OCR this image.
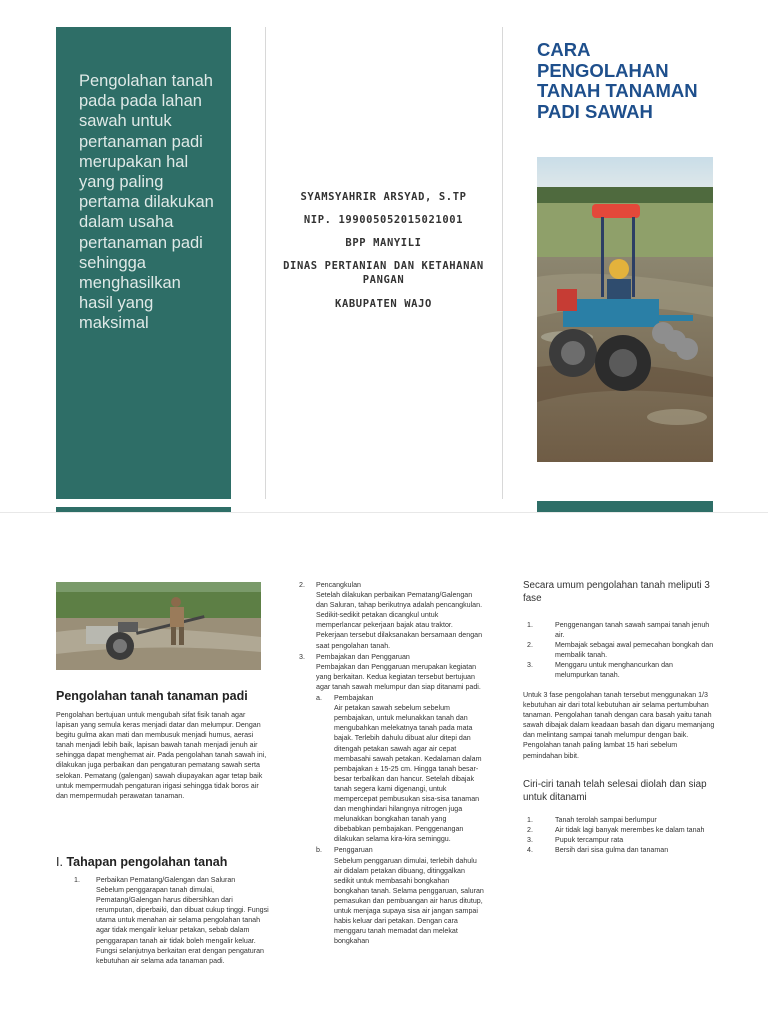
Pengolahan tanah pada pada lahan sawah untuk pertanaman padi merupakan hal yang paling pertama dilakukan dalam usaha pertanaman padi sehingga menghasilkan hasil yang maksimal

SYAMSYAHRIR ARSYAD, S.TP
NIP. 199005052015021001
BPP MANYILI
DINAS PERTANIAN DAN KETAHANAN PANGAN
KABUPATEN WAJO
CARA PENGOLAHAN TANAH TANAMAN PADI SAWAH
Pengolahan tanah tanaman padi
Pengolahan bertujuan untuk mengubah sifat fisik tanah agar lapisan yang semula keras menjadi datar dan melumpur. Dengan begitu gulma akan mati dan membusuk menjadi humus, aerasi tanah menjadi lebih baik, lapisan bawah tanah menjadi jenuh air sehingga dapat menghemat air. Pada pengolahan tanah sawah ini, dilakukan juga perbaikan dan pengaturan pematang sawah serta selokan. Pematang (galengan) sawah diupayakan agar tetap baik untuk mempermudah pengaturan irigasi sehingga tidak boros air dan mempermudah perawatan tanaman.
I. Tahapan pengolahan tanah
1. Perbaikan Pematang/Galengan dan Saluran
Sebelum penggarapan tanah dimulai, Pematang/Galengan harus dibersihkan dari rerumputan, diperbaiki, dan dibuat cukup tinggi. Fungsi utama untuk menahan air selama pengolahan tanah agar tidak mengalir keluar petakan, sebab dalam penggarapan tanah air tidak boleh mengalir keluar. Fungsi selanjutnya berkaitan erat dengan pengaturan kebutuhan air selama ada tanaman padi.
2. Pencangkulan
Setelah dilakukan perbaikan Pematang/Galengan dan Saluran, tahap berikutnya adalah pencangkulan. Sedikit-sedikit petakan dicangkul untuk memperlancar pekerjaan bajak atau traktor. Pekerjaan tersebut dilaksanakan bersamaan dengan saat pengolahan tanah.
3. Pembajakan dan Penggaruan
Pembajakan dan Penggaruan merupakan kegiatan yang berkaitan. Kedua kegiatan tersebut bertujuan agar tanah sawah melumpur dan siap ditanami padi.
a. Pembajakan
Air petakan sawah sebelum sebelum pembajakan, untuk melunakkan tanah dan mengubahkan melekatnya tanah pada mata bajak. Terlebih dahulu dibuat alur ditepi dan ditengah petakan sawah agar air cepat membasahi sawah petakan. Kedalaman dalam pembajakan ± 15-25 cm. Hingga tanah besar-besar terbalikan dan hancur. Setelah dibajak tanah segera kami digenangi, untuk mempercepat pembusukan sisa-sisa tanaman dan menghindari hilangnya nitrogen juga melunakkan bongkahan tanah yang dibebabkan pembajakan. Penggenangan dilakukan selama kira-kira seminggu.
b. Penggaruan
Sebelum penggaruan dimulai, terlebih dahulu air didalam petakan dibuang, ditinggalkan sedikit untuk membasahi bongkahan bongkahan tanah. Selama penggaruan, saluran pemasukan dan pembuangan air harus ditutup, untuk menjaga supaya sisa air jangan sampai habis keluar dari petakan. Dengan cara menggaru tanah memadat dan melekat bongkahan
Secara umum pengolahan tanah meliputi 3 fase
1.	Penggenangan tanah sawah sampai tanah jenuh air.
2.	Membajak sebagai awal pemecahan bongkah dan membalik tanah.
3.	Menggaru untuk menghancurkan dan melumpurkan tanah.
Untuk 3 fase pengolahan tanah tersebut menggunakan 1/3 kebutuhan air dari total kebutuhan air selama pertumbuhan tanaman. Pengolahan tanah dengan cara basah yaitu tanah sawah dibajak dalam keadaan basah dan digaru memanjang dan melintang sampai tanah melumpur dengan baik. Pengolahan tanah paling lambat 15 hari sebelum pemindahan bibit.
Ciri-ciri tanah telah selesai diolah dan siap untuk ditanami
1.	Tanah terolah sampai berlumpur
2.	Air tidak lagi banyak merembes ke dalam tanah
3.	Pupuk tercampur rata
4.	Bersih dari sisa gulma dan tanaman
